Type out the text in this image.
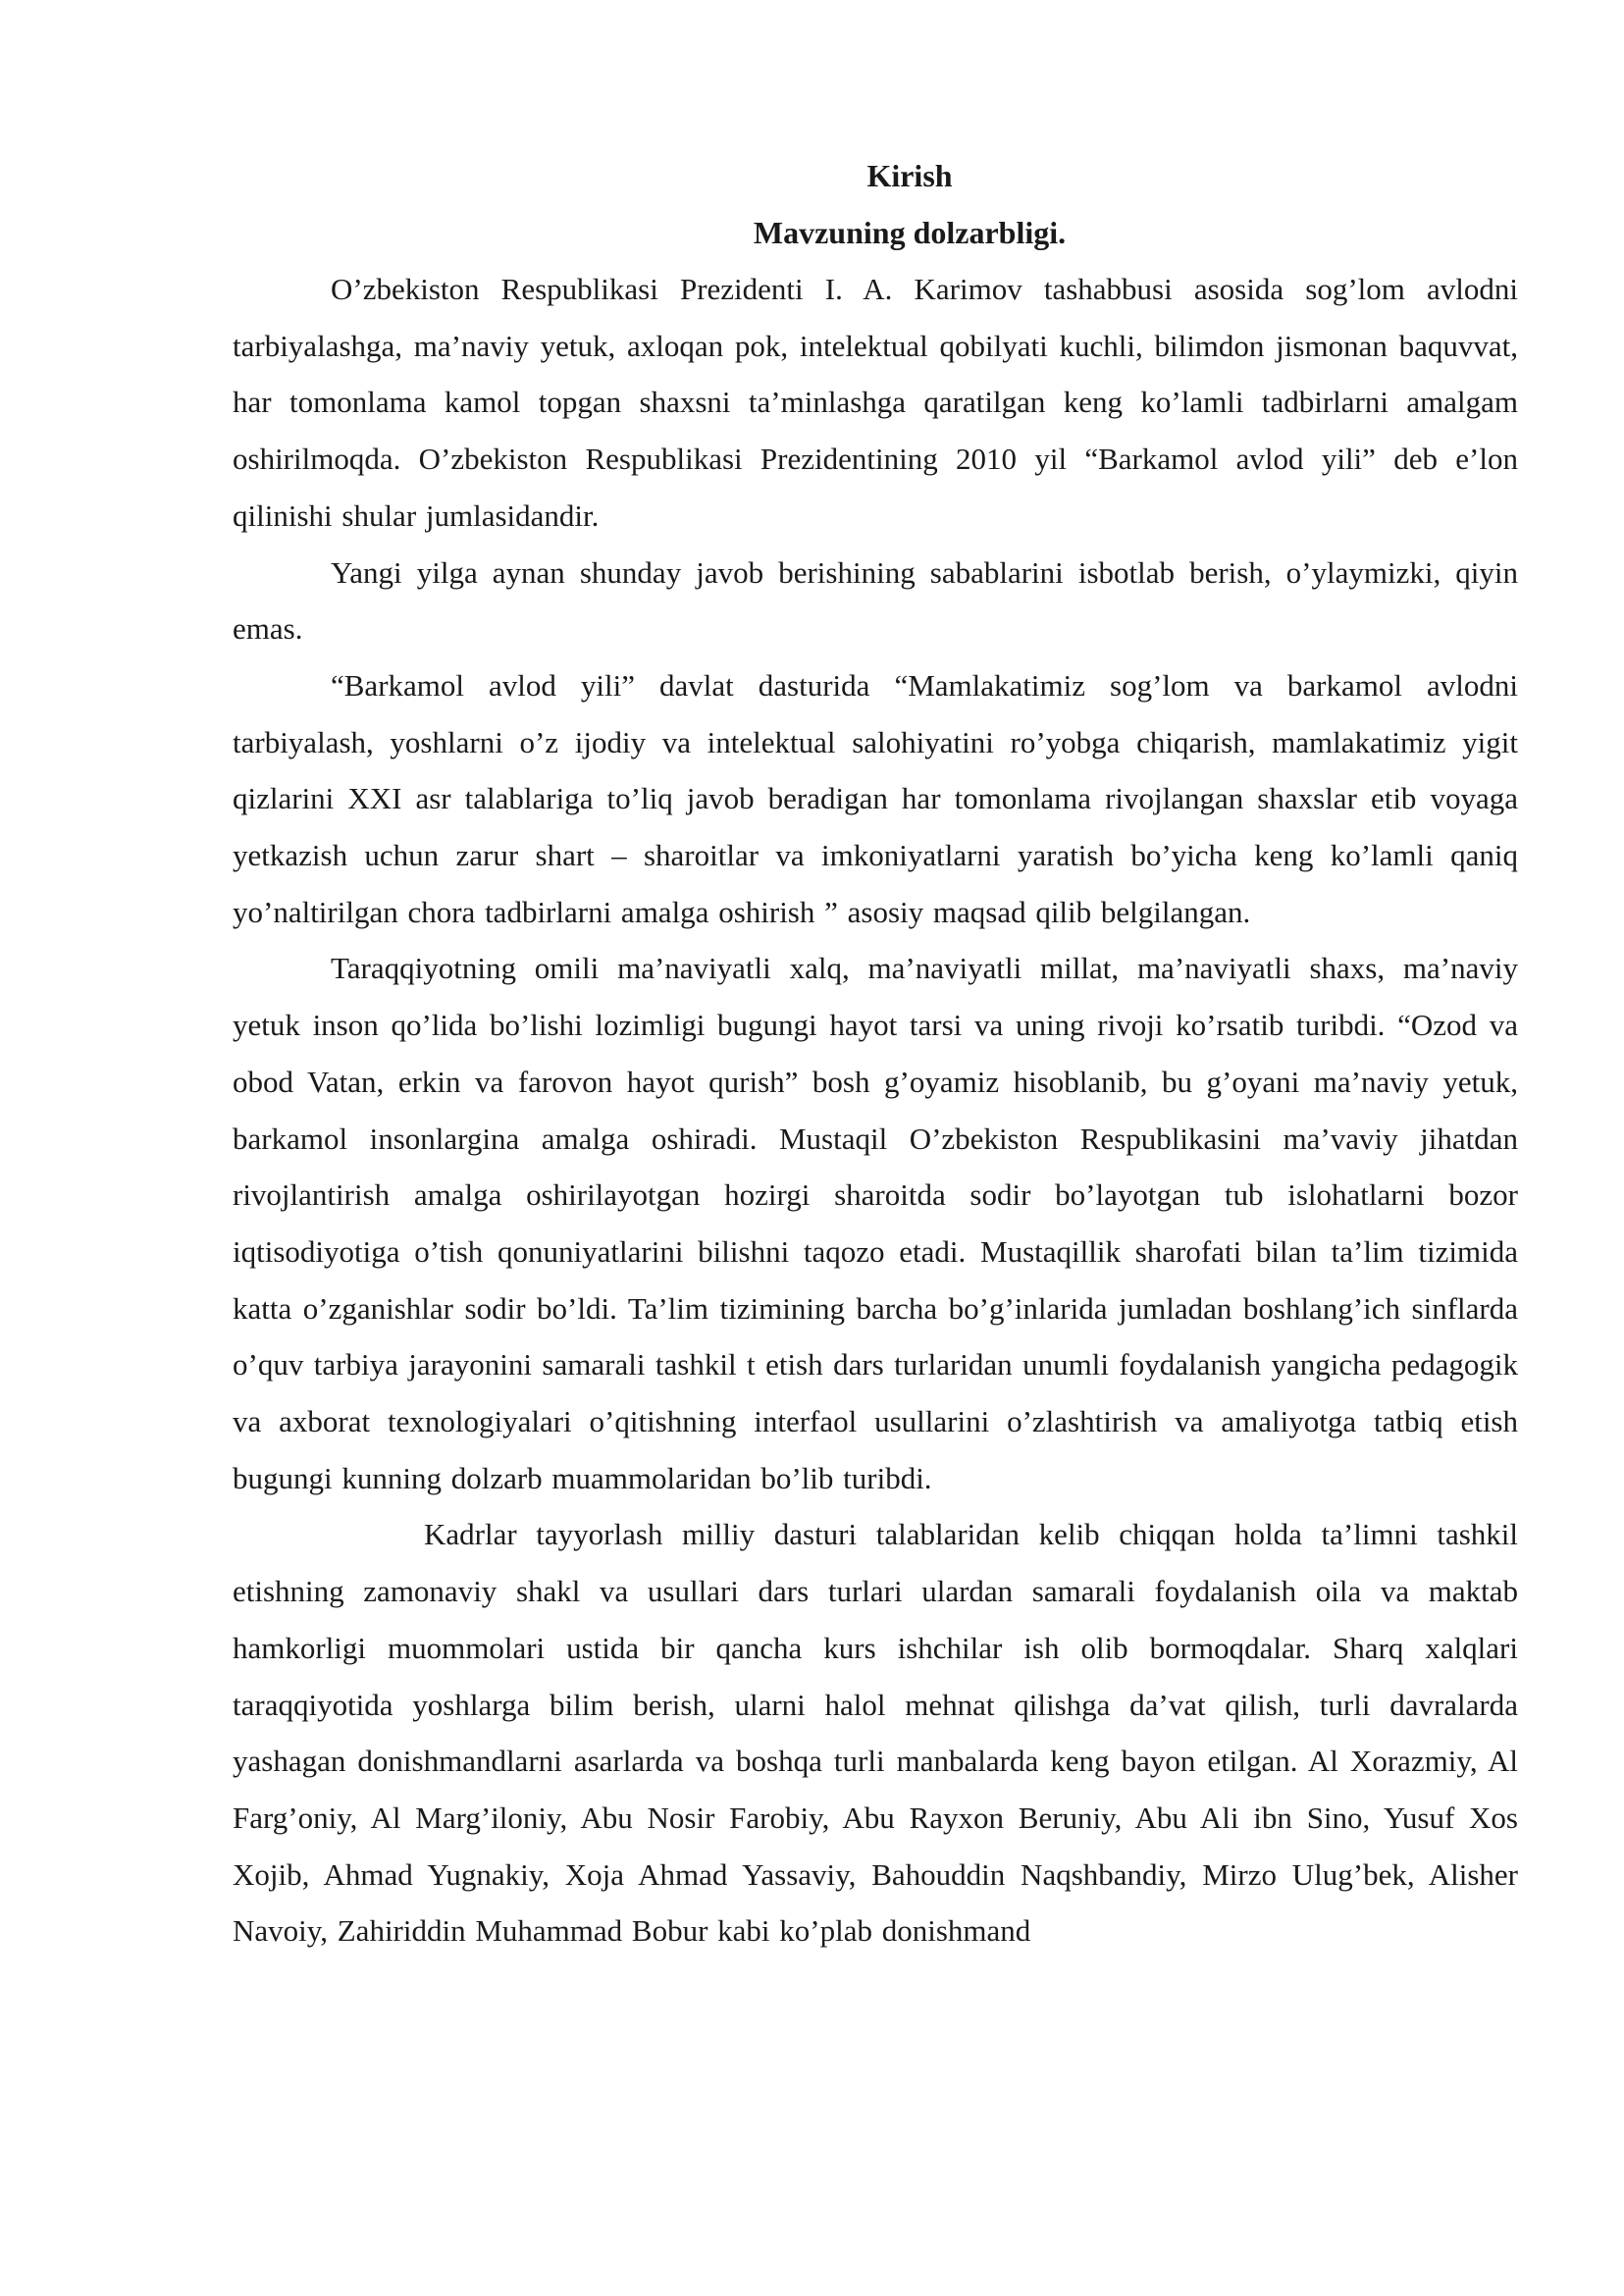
Kirish
Mavzuning dolzarbligi.

O’zbekiston Respublikasi Prezidenti I. A. Karimov tashabbusi asosida sog’lom avlodni tarbiyalashga, ma’naviy yetuk, axloqan pok, intelektual qobilyati kuchli, bilimdon jismonan baquvvat, har tomonlama kamol topgan shaxsni ta’minlashga qaratilgan keng ko’lamli tadbirlarni amalgam oshirilmoqda. O’zbekiston Respublikasi Prezidentining 2010 yil “Barkamol avlod yili” deb e’lon qilinishi shular jumlasidandir.

Yangi yilga aynan shunday javob berishining sabablarini isbotlab berish, o’ylaymizki, qiyin emas.

“Barkamol avlod yili” davlat dasturida “Mamlakatimiz sog’lom va barkamol avlodni tarbiyalash, yoshlarni o’z ijodiy va intelektual salohiyatini ro’yobga chiqarish, mamlakatimiz yigit qizlarini XXI asr talablariga to’liq javob beradigan har tomonlama rivojlangan shaxslar etib voyaga yetkazish uchun zarur shart – sharoitlar va imkoniyatlarni yaratish bo’yicha keng ko’lamli qaniq yo’naltirilgan chora tadbirlarni amalga oshirish ” asosiy maqsad qilib belgilangan.

Taraqqiyotning omili ma’naviyatli xalq, ma’naviyatli millat, ma’naviyatli shaxs, ma’naviy yetuk inson qo’lida bo’lishi lozimligi bugungi hayot tarsi va uning rivoji ko’rsatib turibdi. “Ozod va obod Vatan, erkin va farovon hayot qurish” bosh g’oyamiz hisoblanib, bu g’oyani ma’naviy yetuk, barkamol insonlargina amalga oshiradi. Mustaqil O’zbekiston Respublikasini ma’vaviy jihatdan rivojlantirish amalga oshirilayotgan hozirgi sharoitda sodir bo’layotgan tub islohatlarni bozor iqtisodiyotiga o’tish qonuniyatlarini bilishni taqozo etadi. Mustaqillik sharofati bilan ta’lim tizimida katta o’zganishlar sodir bo’ldi. Ta’lim tizimining barcha bo’g’inlarida jumladan boshlang’ich sinflarda o’quv tarbiya jarayonini samarali tashkil t etish dars turlaridan unumli foydalanish yangicha pedagogik va axborat texnologiyalari o’qitishning interfaol usullarini o’zlashtirish va amaliyotga tatbiq etish bugungi kunning dolzarb muammolaridan bo’lib turibdi.

Kadrlar tayyorlash milliy dasturi talablaridan kelib chiqqan holda ta’limni tashkil etishning zamonaviy shakl va usullari dars turlari ulardan samarali foydalanish oila va maktab hamkorligi muommolari ustida bir qancha kurs ishchilar ish olib bormoqdalar. Sharq xalqlari taraqqiyotida yoshlarga bilim berish, ularni halol mehnat qilishga da’vat qilish, turli davralarda yashagan donishmandlarni asarlarda va boshqa turli manbalarda keng bayon etilgan. Al Xorazmiy, Al Farg’oniy, Al Marg’iloniy, Abu Nosir Farobiy, Abu Rayxon Beruniy, Abu Ali ibn Sino, Yusuf Xos Xojib, Ahmad Yugnakiy, Xoja Ahmad Yassaviy, Bahouddin Naqshbandiy, Mirzo Ulug’bek, Alisher Navoiy, Zahiriddin Muhammad Bobur kabi ko’plab donishmand
